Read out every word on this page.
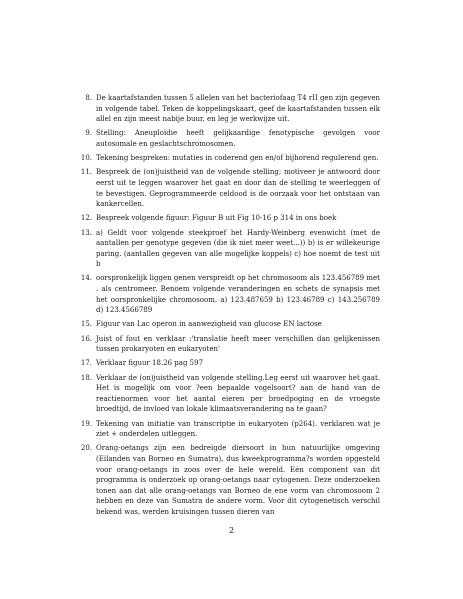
8. De kaartafstanden tussen 5 allelen van het bacteriofaag T4 rII gen zijn gegeven in volgende tabel. Teken de koppelingskaart, geef de kaartafstanden tussen elk allel en zijn meest nabije buur, en leg je werkwijze uit.
9. Stelling: Aneuploïdie heeft gelijkaardige fenotypische gevolgen voor autosomale en geslachtschromosomen.
10. Tekening bespreken: mutaties in coderend gen en/of bijhorend regulerend gen.
11. Bespreek de (on)juistheid van de volgende stelling; motiveer je antwoord door eerst uit te leggen waarover het gaat en door dan de stelling te weerleggen of te bevestigen. Geprogrammeerde celdood is de oorzaak voor het ontstaan van kankercellen.
12. Bespreek volgende figuur: Figuur B uit Fig 10-16 p 314 in ons boek
13. a) Geldt voor volgende steekproef het Hardy-Weinberg evenwicht (met de aantallen per genotype gegeven (die ik niet meer weet...)) b) is er willekeurige paring. (aantallen gegeven van alle mogelijke koppels) c) hoe noemt de test uit b
14. oorspronkelijk liggen genen verspreidt op het chromosoom als 123.456789 met . als centromeer. Benoem volgende veranderingen en schets de synapsis met het oorspronkelijke chromosoom. a) 123.487659 b) 123.46789 c) 143.256789 d) 123.4566789
15. Figuur van Lac operon in aanwezigheid van glucose EN lactose
16. Juist of fout en verklaar :'translatie heeft meer verschillen dan gelijkenissen tussen prokaryoten en eukaryoten'
17. Verklaar figuur 18.26 pag 597
18. Verklaar de (on)juistheid van volgende stelling.Leg eerst uit waarover het gaat. Het is mogelijk om voor ?een bepaalde vogelsoort? aan de hand van de reactienormen voor het aantal eieren per broedpoging en de vroegste broedtijd, de invloed van lokale klimaatsverandering na te gaan?
19. Tekening van initiatie van transcriptie in eukaryoten (p264). verklaren wat je ziet + onderdelen uitleggen.
20. Orang-oetangs zijn een bedreigde diersoort in hun natuurlijke omgeving (Eilanden van Borneo en Sumatra), dus kweekprogramma?s worden opgesteld voor orang-oetangs in zoos over de hele wereld. Eén component van dit programma is onderzoek op orang-oetangs naar cytogenen. Deze onderzoeken tonen aan dat alle orang-oetangs van Borneo de ene vorm van chromosoom 2 hebben en deze van Sumatra de andere vorm. Voor dit cytogenetisch verschil bekend was, werden kruisingen tussen dieren van
2
